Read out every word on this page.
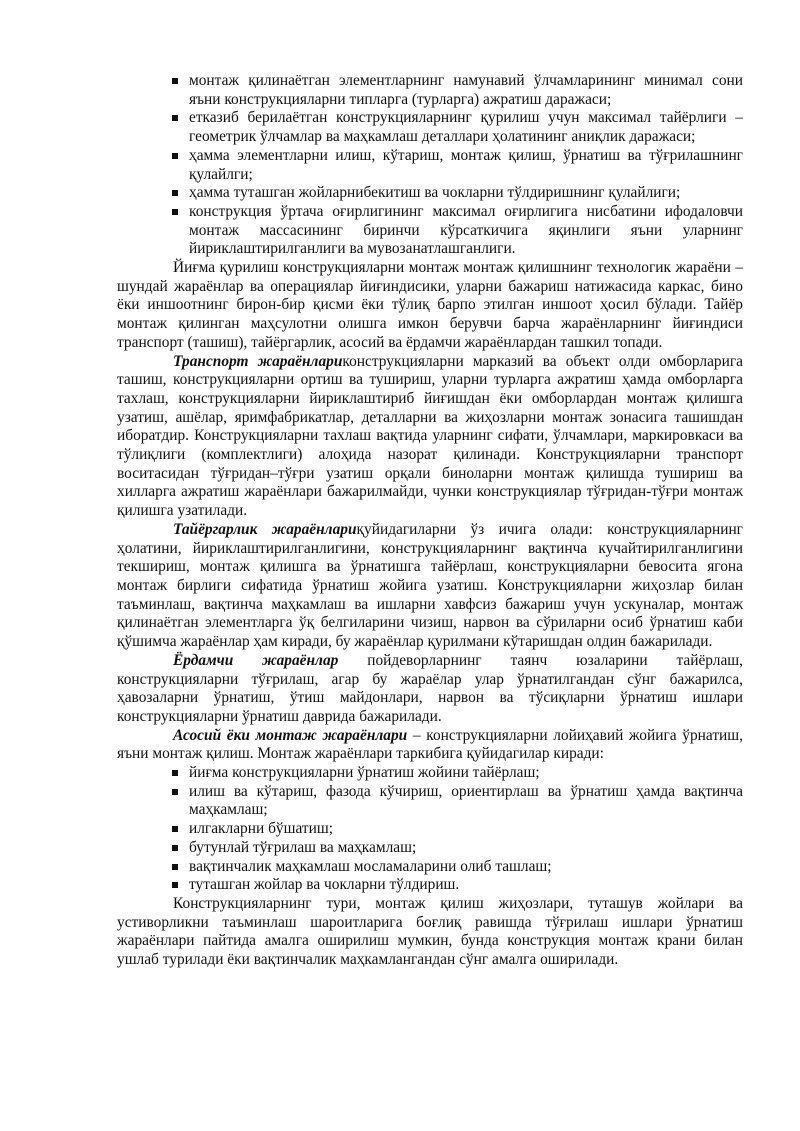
монтаж қилинаётган элементларнинг намунавий ўлчамларининг минимал сони яъни конструкцияларни типларга (турларга) ажратиш даражаси;
етказиб берилаётган конструкцияларнинг қурилиш учун максимал тайёрлиги – геометрик ўлчамлар ва маҳкамлаш деталлари ҳолатининг аниқлик даражаси;
ҳамма элементларни илиш, кўтариш, монтаж қилиш, ўрнатиш ва тўғрилашнинг қулайлги;
ҳамма туташган жойларнибекитиш ва чокларни тўлдиришнинг қулайлиги;
конструкция ўртача оғирлигининг максимал оғирлигига нисбатини ифодаловчи монтаж массасининг биринчи кўрсаткичига яқинлиги яъни уларнинг йириклаштирилганлиги ва мувозанатлашганлиги.

Йиғма қурилиш конструкцияларни монтаж монтаж қилишнинг технологик жараёни – шундай жараёнлар ва операциялар йиғиндисики, уларни бажариш натижасида каркас, бино ёки иншоотнинг бирон-бир қисми ёки тўлиқ барпо этилган иншоот ҳосил бўлади. Тайёр монтаж қилинган маҳсулотни олишга имкон берувчи барча жараёнларнинг йиғиндиси транспорт (ташиш), тайёргарлик, асосий ва ёрдамчи жараёнлардан ташкил топади.

Транспорт жараёнлариконструкцияларни марказий ва объект олди омборларига ташиш, конструкцияларни ортиш ва тушириш, уларни турларга ажратиш ҳамда омборларга тахлаш, конструкцияларни йириклаштириб йиғишдан ёки омборлардан монтаж қилишга узатиш, ашёлар, яримфабрикатлар, деталларни ва жиҳозларни монтаж зонасига ташишдан иборатдир. Конструкцияларни тахлаш вақтида уларнинг сифати, ўлчамлари, маркировкаси ва тўлиқлиги (комплектлиги) алоҳида назорат қилинади. Конструкцияларни транспорт воситасидан тўғридан–тўғри узатиш орқали биноларни монтаж қилишда тушириш ва хилларга ажратиш жараёнлари бажарилмайди, чунки конструкциялар тўғридан-тўғри монтаж қилишга узатилади.

Тайёргарлик жараёнлариқуйидагиларни ўз ичига олади: конструкцияларнинг ҳолатини, йириклаштирилганлигини, конструкцияларнинг вақтинча кучайтирилганлигини текшириш, монтаж қилишга ва ўрнатишга тайёрлаш, конструкцияларни бевосита ягона монтаж бирлиги сифатида ўрнатиш жойига узатиш. Конструкцияларни жиҳозлар билан таъминлаш, вақтинча маҳкамлаш ва ишларни хавфсиз бажариш учун ускуналар, монтаж қилинаётган элементларга ўқ белгиларини чизиш, нарвон ва сўриларни осиб ўрнатиш каби қўшимча жараёнлар ҳам киради, бу жараёнлар қурилмани кўтаришдан олдин бажарилади.

Ёрдамчи жараёнлар пойдеворларнинг таянч юзаларини тайёрлаш, конструкцияларни тўғрилаш, агар бу жараёлар улар ўрнатилгандан сўнг бажарилса, ҳавозаларни ўрнатиш, ўтиш майдонлари, нарвон ва тўсиқларни ўрнатиш ишлари конструкцияларни ўрнатиш даврида бажарилади.

Асосий ёки монтаж жараёнлари – конструкцияларни лойиҳавий жойига ўрнатиш, яъни монтаж қилиш. Монтаж жараёнлари таркибига қуйидагилар киради:

йиғма конструкцияларни ўрнатиш жойини тайёрлаш;
илиш ва кўтариш, фазода кўчириш, ориентирлаш ва ўрнатиш ҳамда вақтинча маҳкамлаш;
илгакларни бўшатиш;
бутунлай тўғрилаш ва маҳкамлаш;
вақтинчалик маҳкамлаш мосламаларини олиб ташлаш;
туташган жойлар ва чокларни тўлдириш.

Конструкцияларнинг тури, монтаж қилиш жиҳозлари, туташув жойлари ва устиворликни таъминлаш шароитларига боғлиқ равишда тўғрилаш ишлари ўрнатиш жараёнлари пайтида амалга оширилиш мумкин, бунда конструкция монтаж крани билан ушлаб турилади ёки вақтинчалик маҳкамлангандан сўнг амалга оширилади.
